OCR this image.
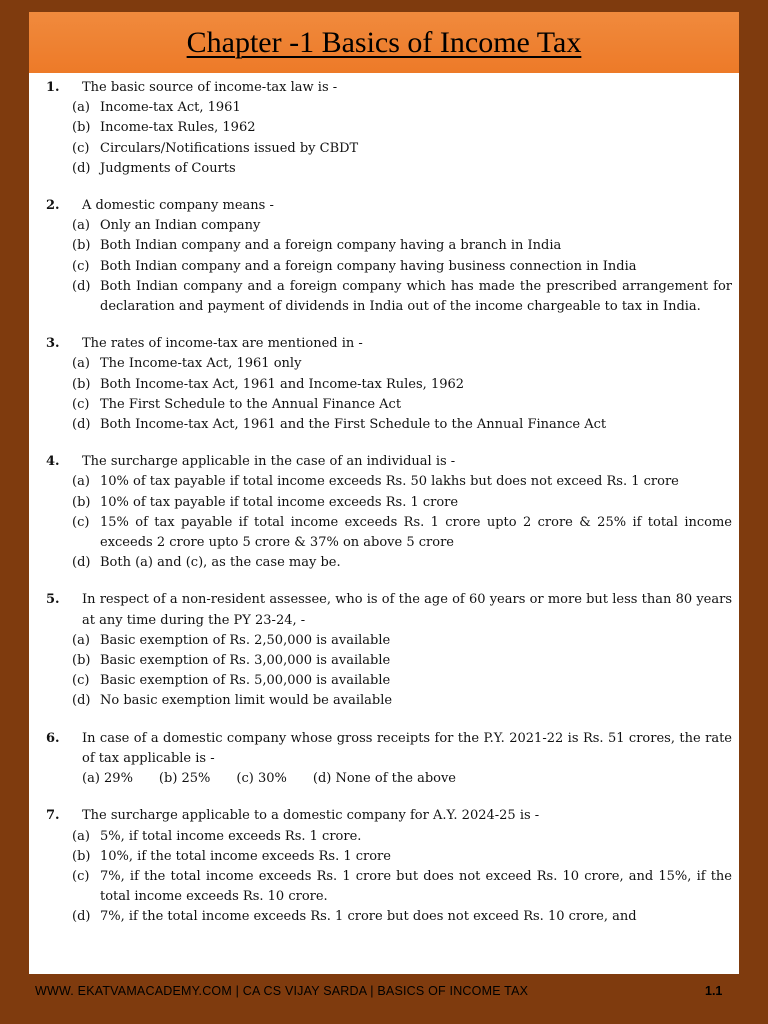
Chapter -1 Basics of Income Tax
1.	The basic source of income-tax law is -
(a) Income-tax Act, 1961
(b) Income-tax Rules, 1962
(c) Circulars/Notifications issued by CBDT
(d) Judgments of Courts
2.	A domestic company means -
(a) Only an Indian company
(b) Both Indian company and a foreign company having a branch in India
(c) Both Indian company and a foreign company having business connection in India
(d) Both Indian company and a foreign company which has made the prescribed arrangement for declaration and payment of dividends in India out of the income chargeable to tax in India.
3.	The rates of income-tax are mentioned in -
(a) The Income-tax Act, 1961 only
(b) Both Income-tax Act, 1961 and Income-tax Rules, 1962
(c) The First Schedule to the Annual Finance Act
(d) Both Income-tax Act, 1961 and the First Schedule to the Annual Finance Act
4.	The surcharge applicable in the case of an individual is -
(a) 10% of tax payable if total income exceeds Rs. 50 lakhs but does not exceed Rs. 1 crore
(b) 10% of tax payable if total income exceeds Rs. 1 crore
(c) 15% of tax payable if total income exceeds Rs. 1 crore upto 2 crore & 25% if total income exceeds 2 crore upto 5 crore & 37% on above 5 crore
(d) Both (a) and (c), as the case may be.
5.	In respect of a non-resident assessee, who is of the age of 60 years or more but less than 80 years at any time during the PY 23-24, -
(a) Basic exemption of Rs. 2,50,000 is available
(b) Basic exemption of Rs. 3,00,000 is available
(c) Basic exemption of Rs. 5,00,000 is available
(d) No basic exemption limit would be available
6.	In case of a domestic company whose gross receipts for the P.Y. 2021-22 is Rs. 51 crores, the rate of tax applicable is -
(a) 29% (b) 25% (c) 30% (d) None of the above
7.	The surcharge applicable to a domestic company for A.Y. 2024-25 is -
(a) 5%, if total income exceeds Rs. 1 crore.
(b) 10%, if the total income exceeds Rs. 1 crore
(c) 7%, if the total income exceeds Rs. 1 crore but does not exceed Rs. 10 crore, and 15%, if the total income exceeds Rs. 10 crore.
(d) 7%, if the total income exceeds Rs. 1 crore but does not exceed Rs. 10 crore, and
WWW. EKATVAMACADEMY.COM | CA CS VIJAY SARDA | BASICS OF INCOME TAX	1.1
